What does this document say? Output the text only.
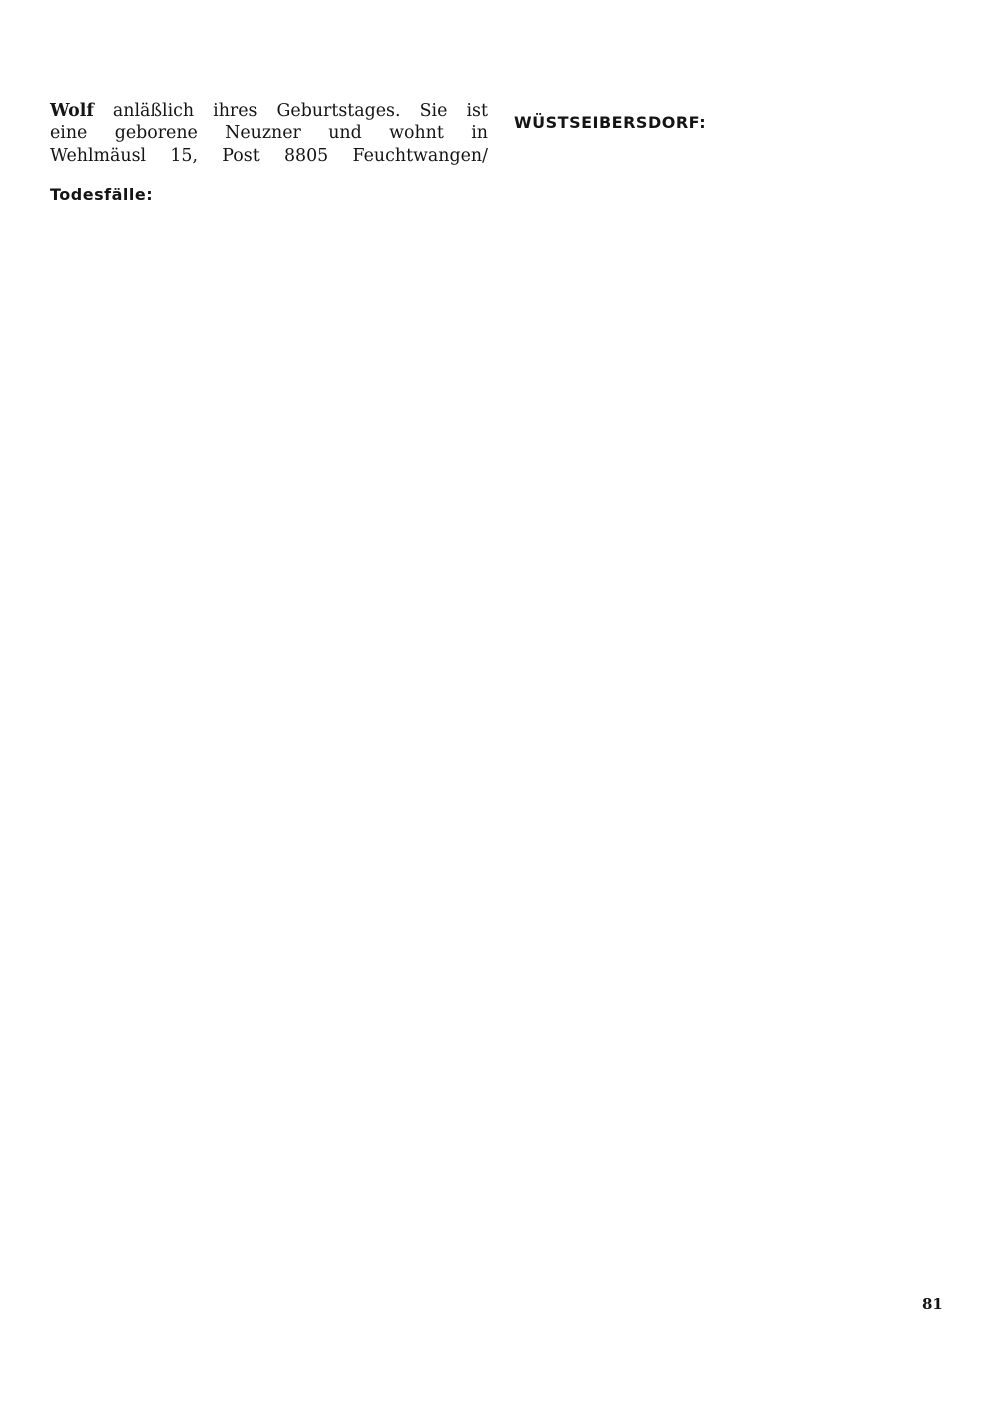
Wolf anläßlich ihres Geburtstages. Sie ist
eine geborene Neuzner und wohnt in
Wehlmäusl 15, Post 8805 Feuchtwangen/
Todesfälle:
WÜSTSEIBERSDORF:
81
